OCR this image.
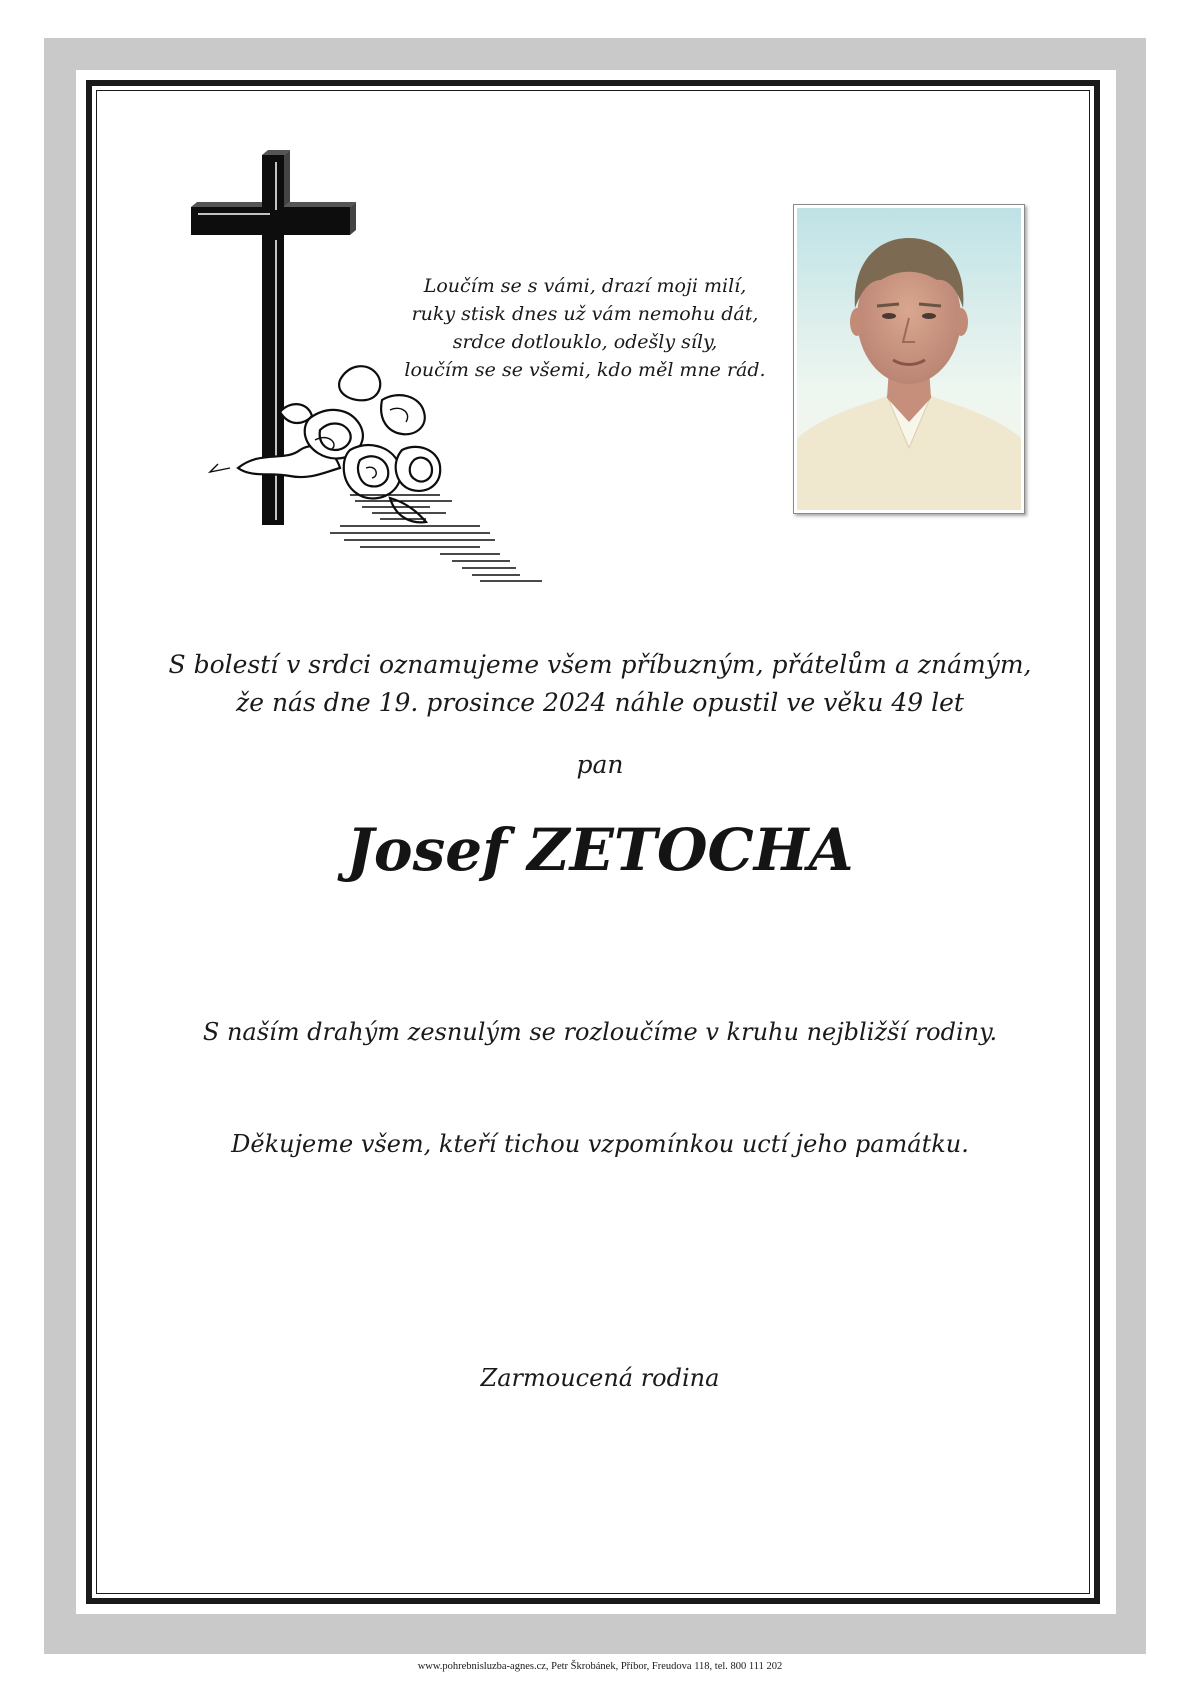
Loučím se s vámi, drazí moji milí,
ruky stisk dnes už vám nemohu dát,
srdce dotlouklo, odešly síly,
loučím se se všemi, kdo měl mne rád.
S bolestí v srdci oznamujeme všem příbuzným, přátelům a známým,
že nás dne 19. prosince 2024 náhle opustil ve věku 49 let
pan
Josef ZETOCHA
S naším drahým zesnulým se rozloučíme v kruhu nejbližší rodiny.
Děkujeme všem, kteří tichou vzpomínkou uctí jeho památku.
Zarmoucená rodina
www.pohrebnisluzba-agnes.cz, Petr Škrobánek, Příbor, Freudova 118, tel. 800 111 202
